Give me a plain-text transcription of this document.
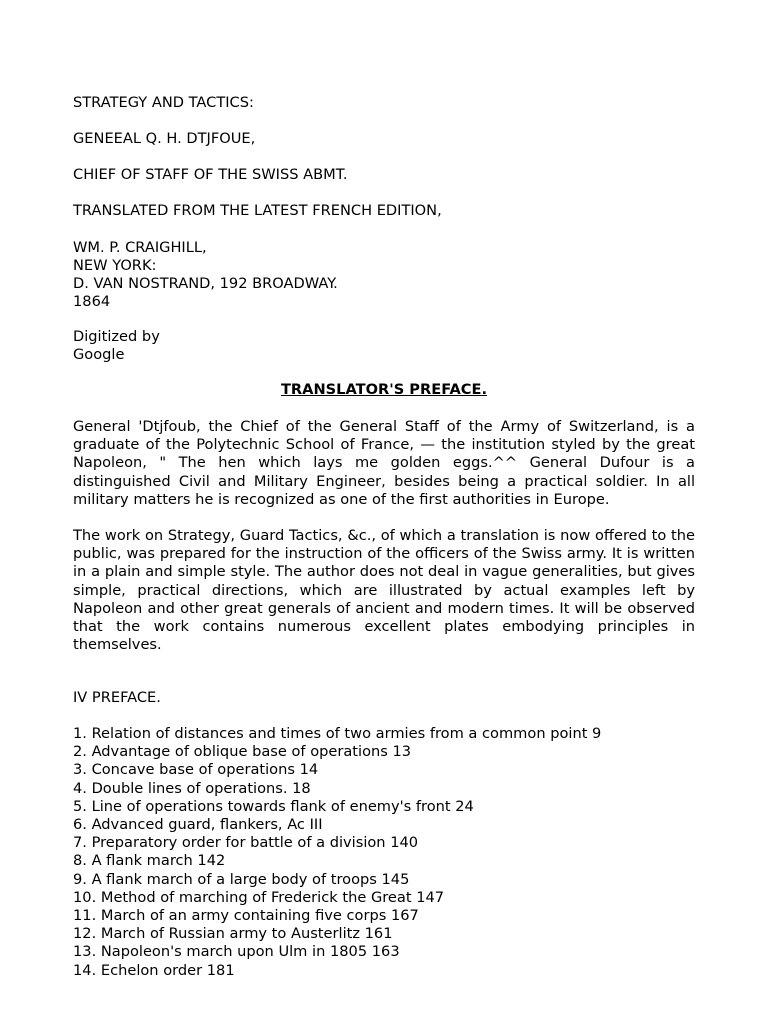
STRATEGY AND TACTICS:
GENEEAL Q. H. DTJFOUE,
CHIEF OF STAFF OF THE SWISS ABMT.
TRANSLATED FROM THE LATEST FRENCH EDITION,
WM. P. CRAIGHILL,
NEW YORK:
D. VAN NOSTRAND, 192 BROADWAY.
1864
Digitized by
Google
TRANSLATOR'S PREFACE.
General 'Dtjfoub, the Chief of the General Staff of the Army of Switzerland, is a graduate of the Polytechnic School of France, — the institution styled by the great Napoleon, " The hen which lays me golden eggs.^^ General Dufour is a distinguished Civil and Military Engineer, besides being a practical soldier. In all military matters he is recognized as one of the first authorities in Europe.
The work on Strategy, Guard Tactics, &c., of which a translation is now offered to the public, was prepared for the instruction of the officers of the Swiss army. It is written in a plain and simple style. The author does not deal in vague generalities, but gives simple, practical directions, which are illustrated by actual examples left by Napoleon and other great generals of ancient and modern times. It will be observed that the work contains numerous excellent plates embodying principles in themselves.
IV PREFACE.
1. Relation of distances and times of two armies from a common point 9
2. Advantage of oblique base of operations 13
3. Concave base of operations 14
4. Double lines of operations. 18
5. Line of operations towards flank of enemy's front 24
6. Advanced guard, flankers, Ac III
7. Preparatory order for battle of a division 140
8. A flank march 142
9. A flank march of a large body of troops 145
10. Method of marching of Frederick the Great 147
11. March of an army containing five corps 167
12. March of Russian army to Austerlitz 161
13. Napoleon's march upon Ulm in 1805 163
14. Echelon order 181
